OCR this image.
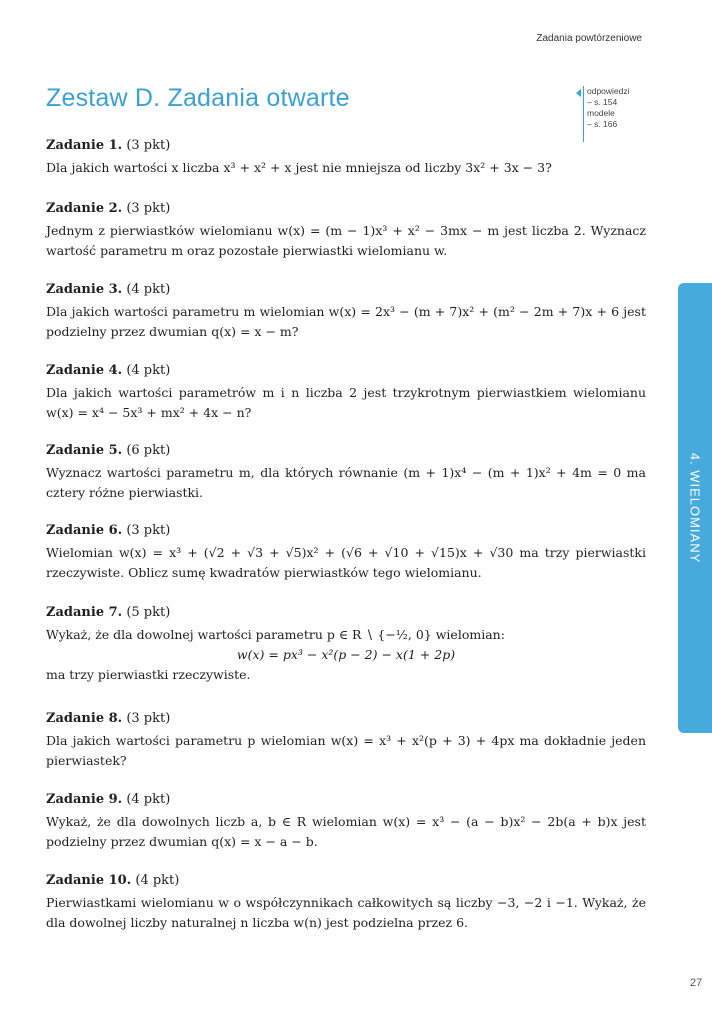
Zadania powtórzeniowe
Zestaw D. Zadania otwarte	odpowiedzi
– s. 154
modele
– s. 166
4. WIELOMIANY
Zadanie 1. (3 pkt)
Dla jakich wartości x liczba x³ + x² + x jest nie mniejsza od liczby 3x² + 3x − 3?
Zadanie 2. (3 pkt)
Jednym z pierwiastków wielomianu w(x) = (m − 1)x³ + x² − 3mx − m jest liczba 2. Wyznacz wartość parametru m oraz pozostałe pierwiastki wielomianu w.
Zadanie 3. (4 pkt)
Dla jakich wartości parametru m wielomian w(x) = 2x³ − (m + 7)x² + (m² − 2m + 7)x + 6 jest podzielny przez dwumian q(x) = x − m?
Zadanie 4. (4 pkt)
Dla jakich wartości parametrów m i n liczba 2 jest trzykrotnym pierwiastkiem wielomianu w(x) = x⁴ − 5x³ + mx² + 4x − n?
Zadanie 5. (6 pkt)
Wyznacz wartości parametru m, dla których równanie (m + 1)x⁴ − (m + 1)x² + 4m = 0 ma cztery różne pierwiastki.
Zadanie 6. (3 pkt)
Wielomian w(x) = x³ + (√2 + √3 + √5)x² + (√6 + √10 + √15)x + √30 ma trzy pierwiastki rzeczywiste. Oblicz sumę kwadratów pierwiastków tego wielomianu.
Zadanie 7. (5 pkt)
Wykaż, że dla dowolnej wartości parametru p ∈ R ∖ {−½, 0} wielomian:
w(x) = px³ − x²(p − 2) − x(1 + 2p)
ma trzy pierwiastki rzeczywiste.
Zadanie 8. (3 pkt)
Dla jakich wartości parametru p wielomian w(x) = x³ + x²(p + 3) + 4px ma dokładnie jeden pierwiastek?
Zadanie 9. (4 pkt)
Wykaż, że dla dowolnych liczb a, b ∈ R wielomian w(x) = x³ − (a − b)x² − 2b(a + b)x jest podzielny przez dwumian q(x) = x − a − b.
Zadanie 10. (4 pkt)
Pierwiastkami wielomianu w o współczynnikach całkowitych są liczby −3, −2 i −1. Wykaż, że dla dowolnej liczby naturalnej n liczba w(n) jest podzielna przez 6.
27
